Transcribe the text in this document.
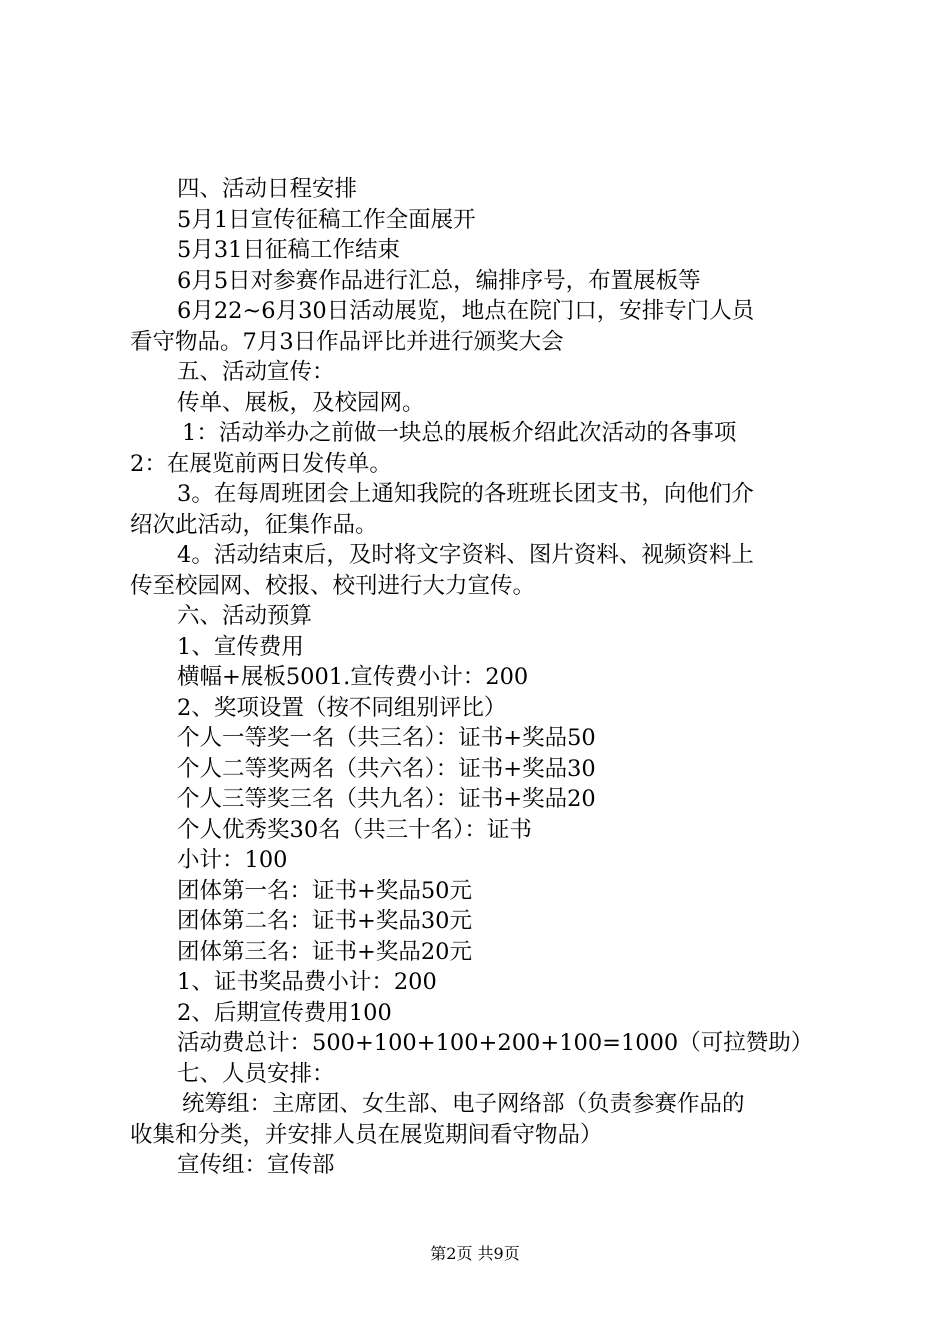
四、活动日程安排
5月1日宣传征稿工作全面展开
5月31日征稿工作结束
6月5日对参赛作品进行汇总，编排序号，布置展板等
6月22~6月30日活动展览，地点在院门口，安排专门人员
看守物品。7月3日作品评比并进行颁奖大会
五、活动宣传：
传单、展板，及校园网。
1：活动举办之前做一块总的展板介绍此次活动的各事项
2：在展览前两日发传单。
3。在每周班团会上通知我院的各班班长团支书，向他们介
绍次此活动，征集作品。
4。活动结束后，及时将文字资料、图片资料、视频资料上
传至校园网、校报、校刊进行大力宣传。
六、活动预算
1、宣传费用
横幅+展板5001.宣传费小计：200
2、奖项设置（按不同组别评比）
个人一等奖一名（共三名）：证书+奖品50
个人二等奖两名（共六名）：证书+奖品30
个人三等奖三名（共九名）：证书+奖品20
个人优秀奖30名（共三十名）：证书
小计：100
团体第一名：证书+奖品50元
团体第二名：证书+奖品30元
团体第三名：证书+奖品20元
1、证书奖品费小计：200
2、后期宣传费用100
活动费总计：500+100+100+200+100=1000（可拉赞助）
七、人员安排：
统筹组：主席团、女生部、电子网络部（负责参赛作品的
收集和分类，并安排人员在展览期间看守物品）
宣传组：宣传部
第2页 共9页
